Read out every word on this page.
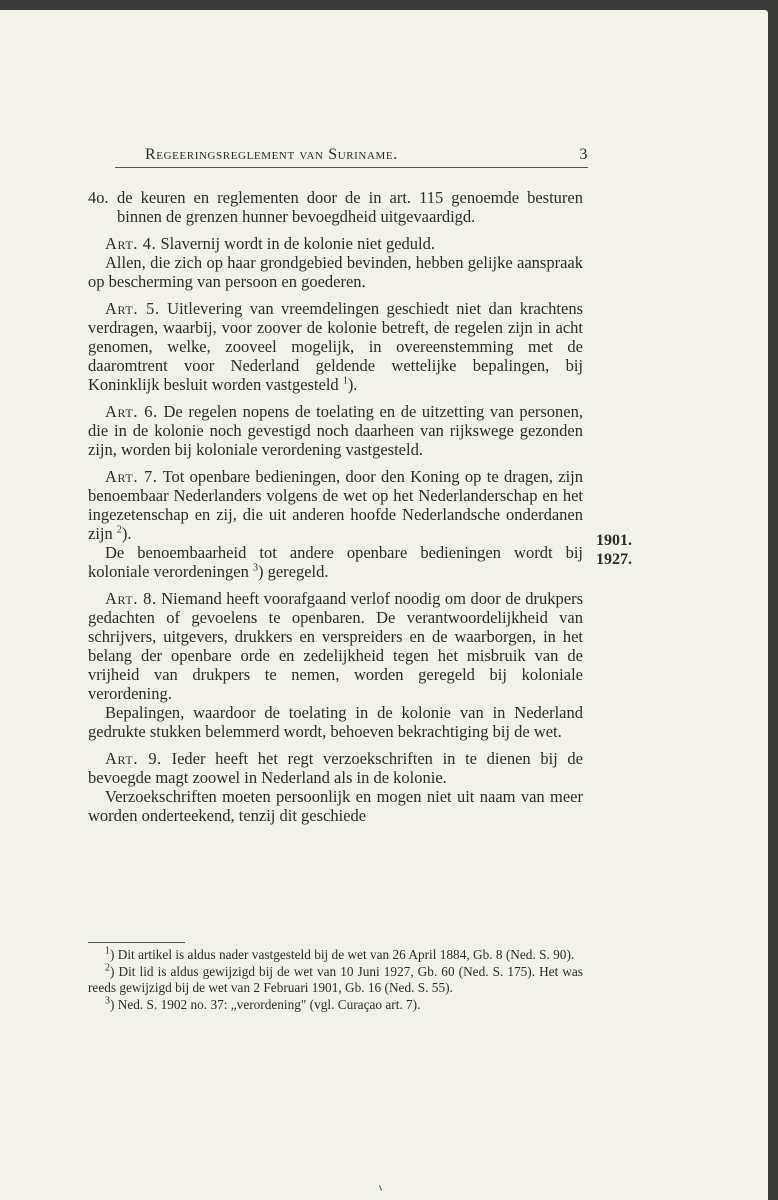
Regeeringsreglement van Suriname.	3

4o. de keuren en reglementen door de in art. 115 genoemde besturen binnen de grenzen hunner bevoegdheid uitgevaardigd.

Art. 4. Slavernij wordt in de kolonie niet geduld.

Allen, die zich op haar grondgebied bevinden, hebben gelijke aanspraak op bescherming van persoon en goederen.

Art. 5. Uitlevering van vreemdelingen geschiedt niet dan krachtens verdragen, waarbij, voor zoover de kolonie betreft, de regelen zijn in acht genomen, welke, zooveel mogelijk, in overeenstemming met de daaromtrent voor Nederland geldende wettelijke bepalingen, bij Koninklijk besluit worden vastgesteld $^1$).

Art. 6. De regelen nopens de toelating en de uitzetting van personen, die in de kolonie noch gevestigd noch daarheen van rijkswege gezonden zijn, worden bij koloniale verordening vastgesteld.

Art. 7. Tot openbare bedieningen, door den Koning op te dragen, zijn benoembaar Nederlanders volgens de wet op het Nederlanderschap en het ingezetenschap en zij, die uit anderen hoofde Nederlandsche onderdanen zijn $^2$).

De benoembaarheid tot andere openbare bedieningen wordt bij koloniale verordeningen $^3$) geregeld.

Art. 8. Niemand heeft voorafgaand verlof noodig om door de drukpers gedachten of gevoelens te openbaren. De verantwoordelijkheid van schrijvers, uitgevers, drukkers en verspreiders en de waarborgen, in het belang der openbare orde en zedelijkheid tegen het misbruik van de vrijheid van drukpers te nemen, worden geregeld bij koloniale verordening.

Bepalingen, waardoor de toelating in de kolonie van in Nederland gedrukte stukken belemmerd wordt, behoeven bekrachtiging bij de wet.

Art. 9. Ieder heeft het regt verzoekschriften in te dienen bij de bevoegde magt zoowel in Nederland als in de kolonie.

Verzoekschriften moeten persoonlijk en mogen niet uit naam van meer worden onderteekend, tenzij dit geschiede

1901.
1927.

$^1$) Dit artikel is aldus nader vastgesteld bij de wet van 26 April 1884, Gb. 8 (Ned. S. 90).

$^2$) Dit lid is aldus gewijzigd bij de wet van 10 Juni 1927, Gb. 60 (Ned. S. 175). Het was reeds gewijzigd bij de wet van 2 Februari 1901, Gb. 16 (Ned. S. 55).

$^3$) Ned. S. 1902 no. 37: „verordening" (vgl. Curaçao art. 7).
